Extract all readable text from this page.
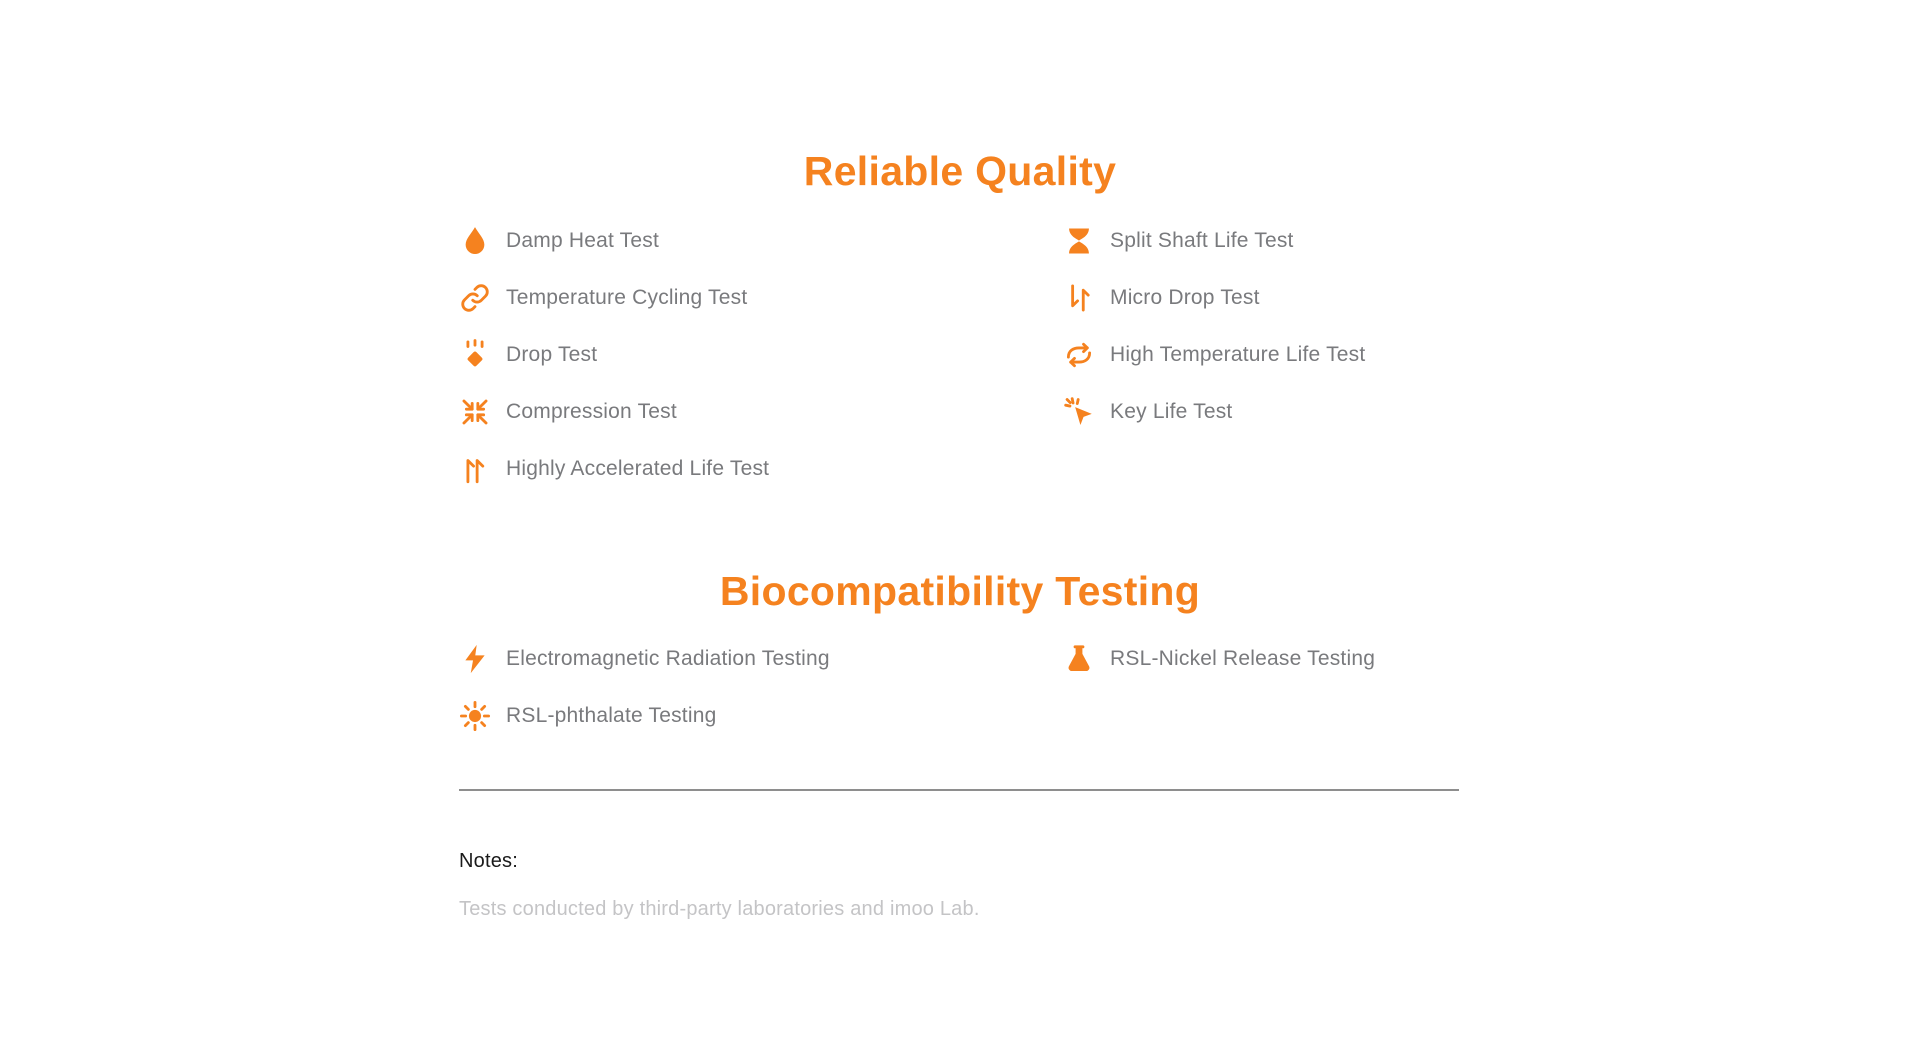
Reliable Quality
Damp Heat Test
Temperature Cycling Test
Drop Test
Compression Test
Highly Accelerated Life Test
Split Shaft Life Test
Micro Drop Test
High Temperature Life Test
Key Life Test
Biocompatibility Testing
Electromagnetic Radiation Testing
RSL-phthalate Testing
RSL-Nickel Release Testing
Notes:
Tests conducted by third-party laboratories and imoo Lab.
